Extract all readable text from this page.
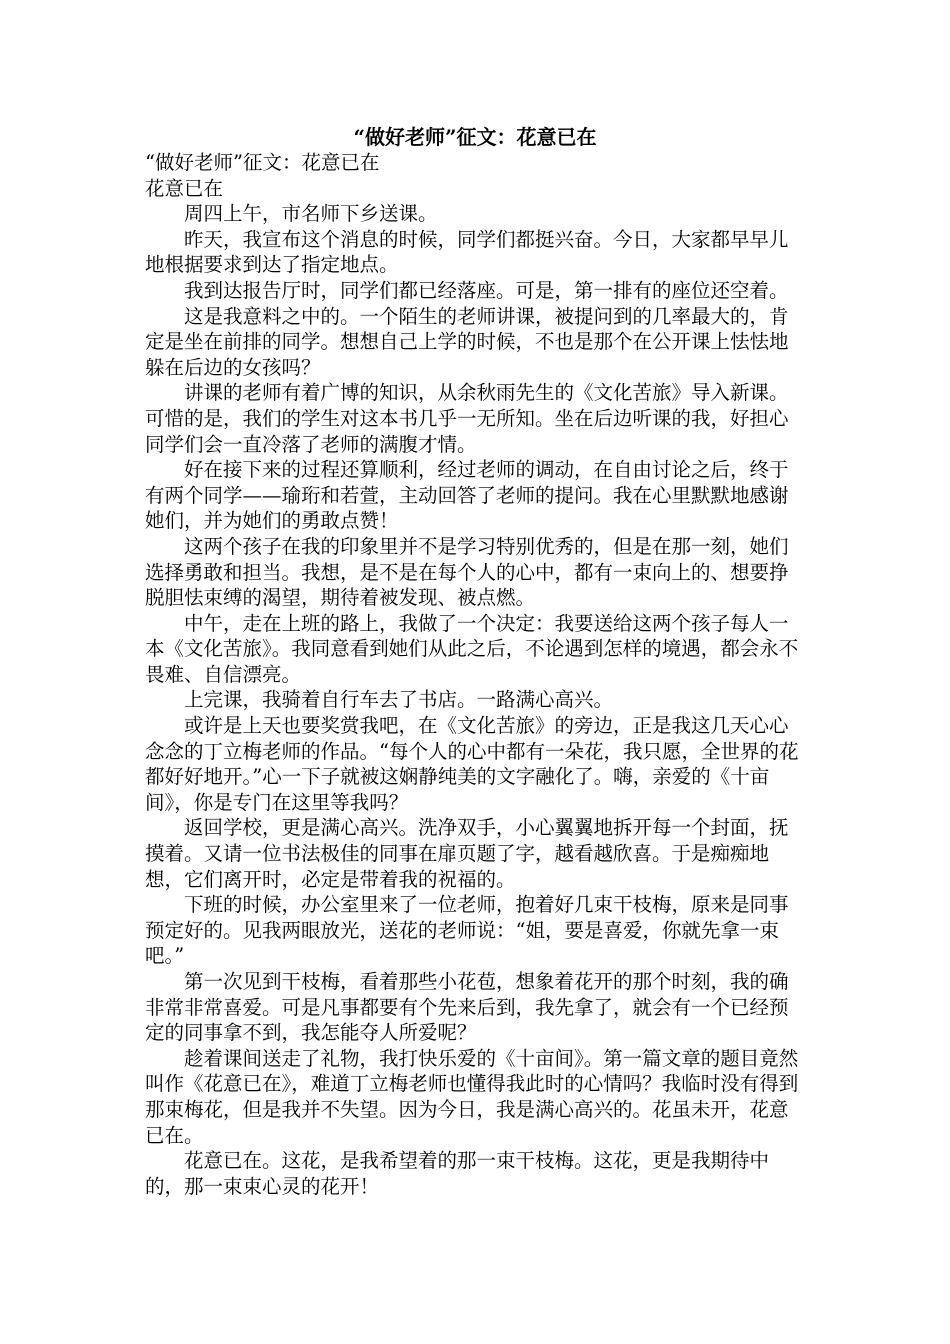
“做好老师”征文：花意已在

“做好老师”征文：花意已在

花意已在

周四上午，市名师下乡送课。

昨天，我宣布这个消息的时候，同学们都挺兴奋。今日，大家都早早儿地根据要求到达了指定地点。

我到达报告厅时，同学们都已经落座。可是，第一排有的座位还空着。

这是我意料之中的。一个陌生的老师讲课，被提问到的几率最大的，肯定是坐在前排的同学。想想自己上学的时候，不也是那个在公开课上怯怯地躲在后边的女孩吗？

讲课的老师有着广博的知识，从余秋雨先生的《文化苦旅》导入新课。可惜的是，我们的学生对这本书几乎一无所知。坐在后边听课的我，好担心同学们会一直冷落了老师的满腹才情。

好在接下来的过程还算顺利，经过老师的调动，在自由讨论之后，终于有两个同学——瑜珩和若萱，主动回答了老师的提问。我在心里默默地感谢她们，并为她们的勇敢点赞！

这两个孩子在我的印象里并不是学习特别优秀的，但是在那一刻，她们选择勇敢和担当。我想，是不是在每个人的心中，都有一束向上的、想要挣脱胆怯束缚的渴望，期待着被发现、被点燃。

中午，走在上班的路上，我做了一个决定：我要送给这两个孩子每人一本《文化苦旅》。我同意看到她们从此之后，不论遇到怎样的境遇，都会永不畏难、自信漂亮。

上完课，我骑着自行车去了书店。一路满心高兴。

或许是上天也要奖赏我吧，在《文化苦旅》的旁边，正是我这几天心心念念的丁立梅老师的作品。“每个人的心中都有一朵花，我只愿，全世界的花都好好地开。”心一下子就被这娴静纯美的文字融化了。嗨，亲爱的《十亩间》，你是专门在这里等我吗？

返回学校，更是满心高兴。洗净双手，小心翼翼地拆开每一个封面，抚摸着。又请一位书法极佳的同事在扉页题了字，越看越欣喜。于是痴痴地想，它们离开时，必定是带着我的祝福的。

下班的时候，办公室里来了一位老师，抱着好几束干枝梅，原来是同事预定好的。见我两眼放光，送花的老师说：“姐，要是喜爱，你就先拿一束吧。”

第一次见到干枝梅，看着那些小花苞，想象着花开的那个时刻，我的确非常非常喜爱。可是凡事都要有个先来后到，我先拿了，就会有一个已经预定的同事拿不到，我怎能夺人所爱呢？

趁着课间送走了礼物，我打快乐爱的《十亩间》。第一篇文章的题目竟然叫作《花意已在》，难道丁立梅老师也懂得我此时的心情吗？我临时没有得到那束梅花，但是我并不失望。因为今日，我是满心高兴的。花虽未开，花意已在。

花意已在。这花，是我希望着的那一束干枝梅。这花，更是我期待中的，那一束束心灵的花开！
